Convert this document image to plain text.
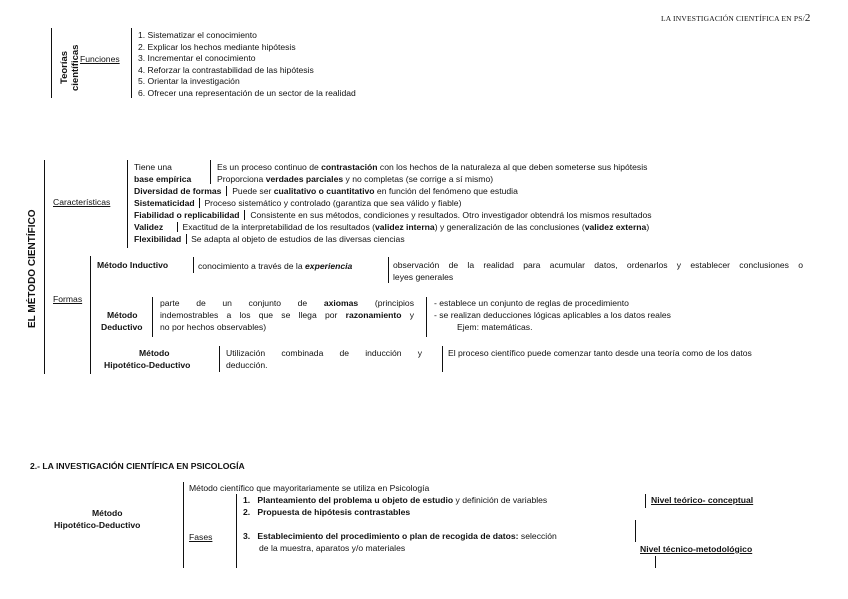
LA INVESTIGACIÓN CIENTÍFICA EN PS/2
Teorías científicas Funciones
1. Sistematizar el conocimiento
2. Explicar los hechos mediante hipótesis
3. Incrementar el conocimiento
4. Reforzar la contrastabilidad de las hipótesis
5. Orientar la investigación
6. Ofrecer una representación de un sector de la realidad
EL MÉTODO CIENTÍFICO
Características
Tiene una
base empírica
Es un proceso continuo de contrastación con los hechos de la naturaleza al que deben someterse sus hipótesis
Proporciona verdades parciales y no completas (se corrige a sí mismo)
Diversidad de formas Puede ser cualitativo o cuantitativo en función del fenómeno que estudia
Sistematicidad Proceso sistemático y controlado (garantiza que sea válido y fiable)
Fiabilidad o replicabilidad Consistente en sus métodos, condiciones y resultados. Otro investigador obtendrá los mismos resultados
Validez Exactitud de la interpretabilidad de los resultados (validez interna) y generalización de las conclusiones (validez externa)
Flexibilidad Se adapta al objeto de estudios de las diversas ciencias
Formas
Método Inductivo	conocimiento a través de la experiencia	observación de la realidad para acumular datos, ordenarlos y establecer conclusiones o
leyes generales
Método
Deductivo
parte de un conjunto de axiomas (principios
indemostrables a los que se llega por razonamiento y
no por hechos observables)
- establece un conjunto de reglas de procedimiento
- se realizan deducciones lógicas aplicables a los datos reales
Ejem: matemáticas.
Método
Hipotético-Deductivo
Utilización combinada de inducción y
deducción.
El proceso científico puede comenzar tanto desde una teoría como de los datos
2.- LA INVESTIGACIÓN CIENTÍFICA EN PSICOLOGÍA
Método
Hipotético-Deductivo
Método científico que mayoritariamente se utiliza en Psicología
Fases
1. Planteamiento del problema u objeto de estudio y definición de variables
2. Propuesta de hipótesis contrastables
3. Establecimiento del procedimiento o plan de recogida de datos: selección
de la muestra, aparatos y/o materiales
Nivel teórico- conceptual
Nivel técnico-metodológico
